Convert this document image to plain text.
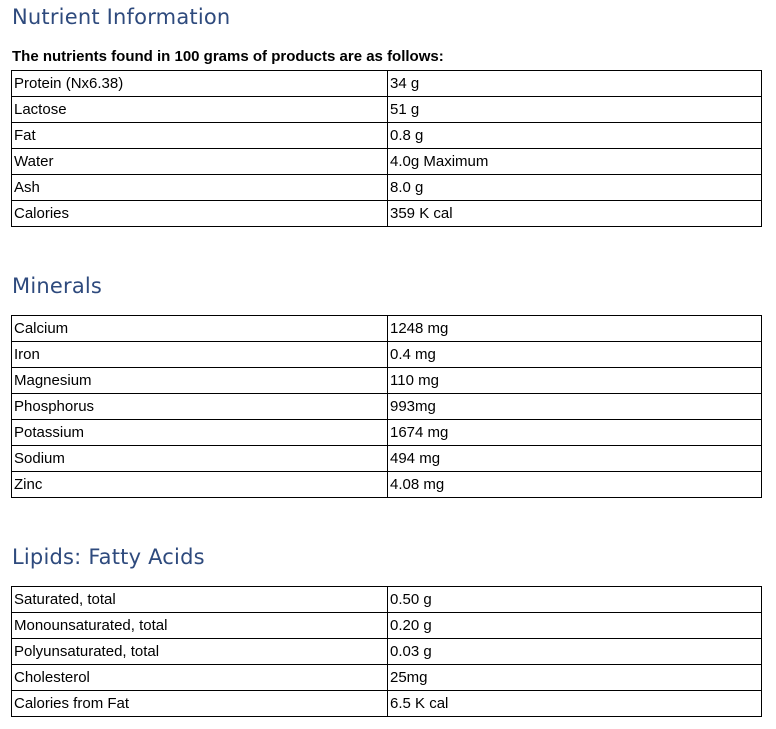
Nutrient Information

The nutrients found in 100 grams of products are as follows:

Protein (Nx6.38)	34 g
Lactose	51 g
Fat	0.8 g
Water	4.0g Maximum
Ash	8.0 g
Calories	359 K cal
Minerals
Calcium	1248 mg
Iron	0.4 mg
Magnesium	110 mg
Phosphorus	993mg
Potassium	1674 mg
Sodium	494 mg
Zinc	4.08 mg
Lipids: Fatty Acids
Saturated, total	0.50 g
Monounsaturated, total	0.20 g
Polyunsaturated, total	0.03 g
Cholesterol	25mg
Calories from Fat	6.5 K cal
